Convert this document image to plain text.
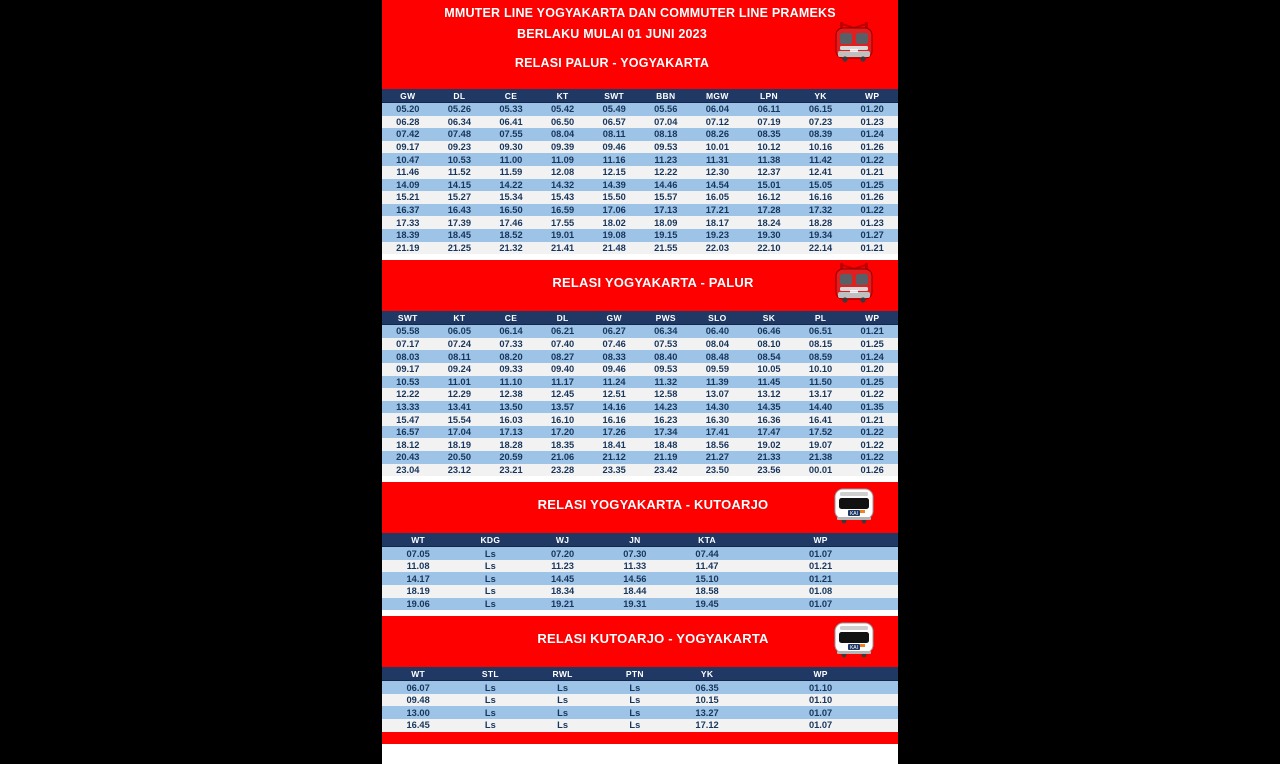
MMUTER LINE YOGYAKARTA DAN COMMUTER LINE PRAMEKS
BERLAKU MULAI 01 JUNI 2023
RELASI PALUR - YOGYAKARTA
GW	DL	CE	KT	SWT	BBN	MGW	LPN	YK	WP
05.20	05.26	05.33	05.42	05.49	05.56	06.04	06.11	06.15	01.20
06.28	06.34	06.41	06.50	06.57	07.04	07.12	07.19	07.23	01.23
07.42	07.48	07.55	08.04	08.11	08.18	08.26	08.35	08.39	01.24
09.17	09.23	09.30	09.39	09.46	09.53	10.01	10.12	10.16	01.26
10.47	10.53	11.00	11.09	11.16	11.23	11.31	11.38	11.42	01.22
11.46	11.52	11.59	12.08	12.15	12.22	12.30	12.37	12.41	01.21
14.09	14.15	14.22	14.32	14.39	14.46	14.54	15.01	15.05	01.25
15.21	15.27	15.34	15.43	15.50	15.57	16.05	16.12	16.16	01.26
16.37	16.43	16.50	16.59	17.06	17.13	17.21	17.28	17.32	01.22
17.33	17.39	17.46	17.55	18.02	18.09	18.17	18.24	18.28	01.23
18.39	18.45	18.52	19.01	19.08	19.15	19.23	19.30	19.34	01.27
21.19	21.25	21.32	21.41	21.48	21.55	22.03	22.10	22.14	01.21
RELASI YOGYAKARTA - PALUR
SWT	KT	CE	DL	GW	PWS	SLO	SK	PL	WP
05.58	06.05	06.14	06.21	06.27	06.34	06.40	06.46	06.51	01.21
07.17	07.24	07.33	07.40	07.46	07.53	08.04	08.10	08.15	01.25
08.03	08.11	08.20	08.27	08.33	08.40	08.48	08.54	08.59	01.24
09.17	09.24	09.33	09.40	09.46	09.53	09.59	10.05	10.10	01.20
10.53	11.01	11.10	11.17	11.24	11.32	11.39	11.45	11.50	01.25
12.22	12.29	12.38	12.45	12.51	12.58	13.07	13.12	13.17	01.22
13.33	13.41	13.50	13.57	14.16	14.23	14.30	14.35	14.40	01.35
15.47	15.54	16.03	16.10	16.16	16.23	16.30	16.36	16.41	01.21
16.57	17.04	17.13	17.20	17.26	17.34	17.41	17.47	17.52	01.22
18.12	18.19	18.28	18.35	18.41	18.48	18.56	19.02	19.07	01.22
20.43	20.50	20.59	21.06	21.12	21.19	21.27	21.33	21.38	01.22
23.04	23.12	23.21	23.28	23.35	23.42	23.50	23.56	00.01	01.26
RELASI YOGYAKARTA - KUTOARJO
KAI
WT	KDG	WJ	JN	KTA	WP
07.05	Ls	07.20	07.30	07.44	01.07
11.08	Ls	11.23	11.33	11.47	01.21
14.17	Ls	14.45	14.56	15.10	01.21
18.19	Ls	18.34	18.44	18.58	01.08
19.06	Ls	19.21	19.31	19.45	01.07
RELASI KUTOARJO - YOGYAKARTA
KAI
WT	STL	RWL	PTN	YK	WP
06.07	Ls	Ls	Ls	06.35	01.10
09.48	Ls	Ls	Ls	10.15	01.10
13.00	Ls	Ls	Ls	13.27	01.07
16.45	Ls	Ls	Ls	17.12	01.07
